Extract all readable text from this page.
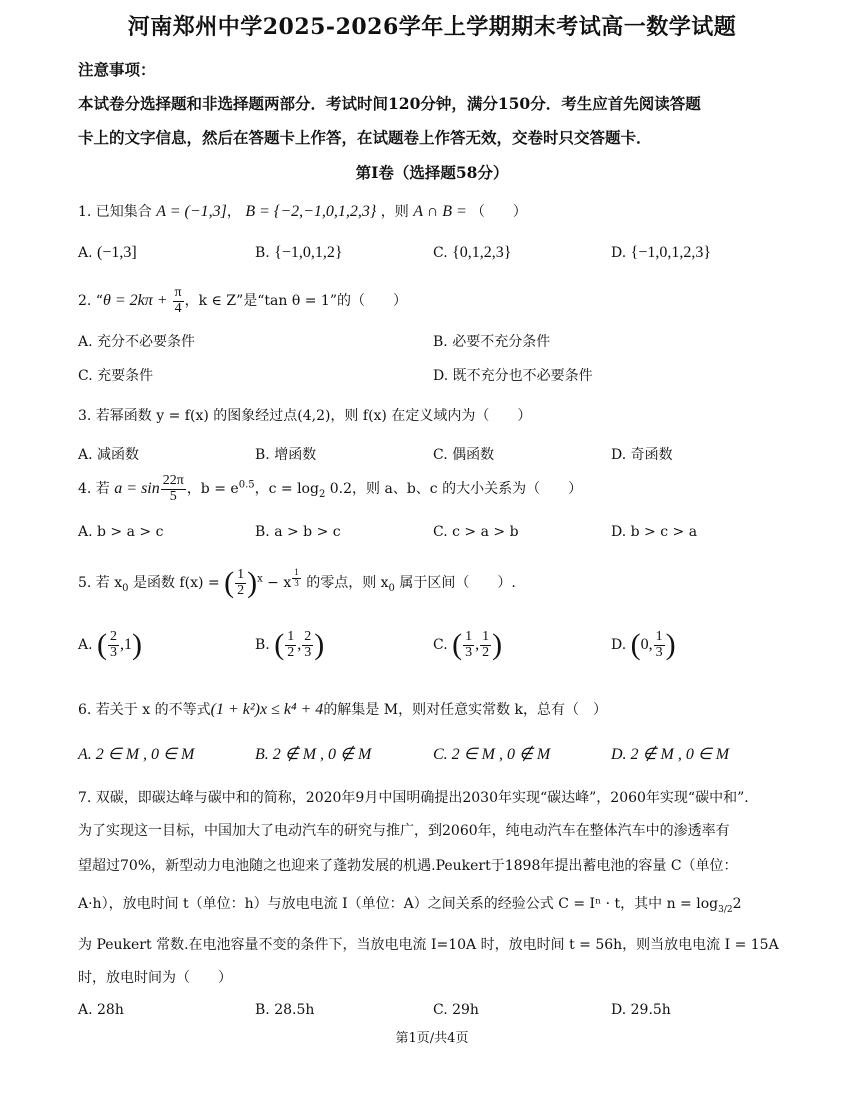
河南郑州中学2025-2026学年上学期期末考试高一数学试题
注意事项：
本试卷分选择题和非选择题两部分．考试时间120分钟，满分150分．考生应首先阅读答题
卡上的文字信息，然后在答题卡上作答，在试题卷上作答无效，交卷时只交答题卡．
第I卷（选择题58分）
1. 已知集合 A = (−1,3]， B = {−2,−1,0,1,2,3} ，则 A ∩ B = （　　）
A. (−1,3]	B. {−1,0,1,2}	C. {0,1,2,3}	D. {−1,0,1,2,3}
2. “$\theta = 2k\pi + \frac{\pi}{4}$ ，k ∈ Z”是“tan θ = 1”的（　　）
A. 充分不必要条件	B. 必要不充分条件
C. 充要条件	D. 既不充分也不必要条件
3. 若幂函数 y = f(x) 的图象经过点(4,2)，则 f(x) 在定义域内为（　　）
A. 减函数	B. 增函数	C. 偶函数	D. 奇函数
4. 若 $a = \sin \frac{22\pi}{5}$ ，$b = e^{0.5}$，$c = \log_2 0.2$，则 a、b、c 的大小关系为（　　）
A. b > a > c	B. a > b > c	C. c > a > b	D. b > c > a
5. 若 $x_0$ 是函数 f(x) = ( $\frac{1}{2} )^x - x$ $^{\frac{1}{3}}$ 的零点，则 $x_0$ 属于区间（　　）.
A. ( $\frac{2}{3} ,1$)	B. ( $\frac{1}{2}$ , $\frac{2}{3}$ )	C. ( $\frac{1}{3}$ , $\frac{1}{2}$ )	D. (0, $\frac{1}{3}$ )
6. 若关于 x 的不等式(1 + k²)x ≤ k⁴ + 4的解集是 M，则对任意实常数 k，总有（　）
A. 2 ∈ M , 0 ∈ M	B. 2 ∉ M , 0 ∉ M	C. 2 ∈ M , 0 ∉ M	D. 2 ∉ M , 0 ∈ M
7. 双碳，即碳达峰与碳中和的简称，2020年9月中国明确提出2030年实现“碳达峰”，2060年实现“碳中和”.
为了实现这一目标，中国加大了电动汽车的研究与推广，到2060年，纯电动汽车在整体汽车中的渗透率有
望超过70%，新型动力电池随之也迎来了蓬勃发展的机遇.Peukert于1898年提出蓄电池的容量 C（单位：
A·h），放电时间 t（单位：h）与放电电流 I（单位：A）之间关系的经验公式 C = Iⁿ · t，其中 $n = \log_{3/2}2$
为 Peukert 常数.在电池容量不变的条件下，当放电电流 I=10A 时，放电时间 t = 56h，则当放电电流 I = 15A
时，放电时间为（　　）
A. 28h	B. 28.5h	C. 29h	D. 29.5h
第1页/共4页
